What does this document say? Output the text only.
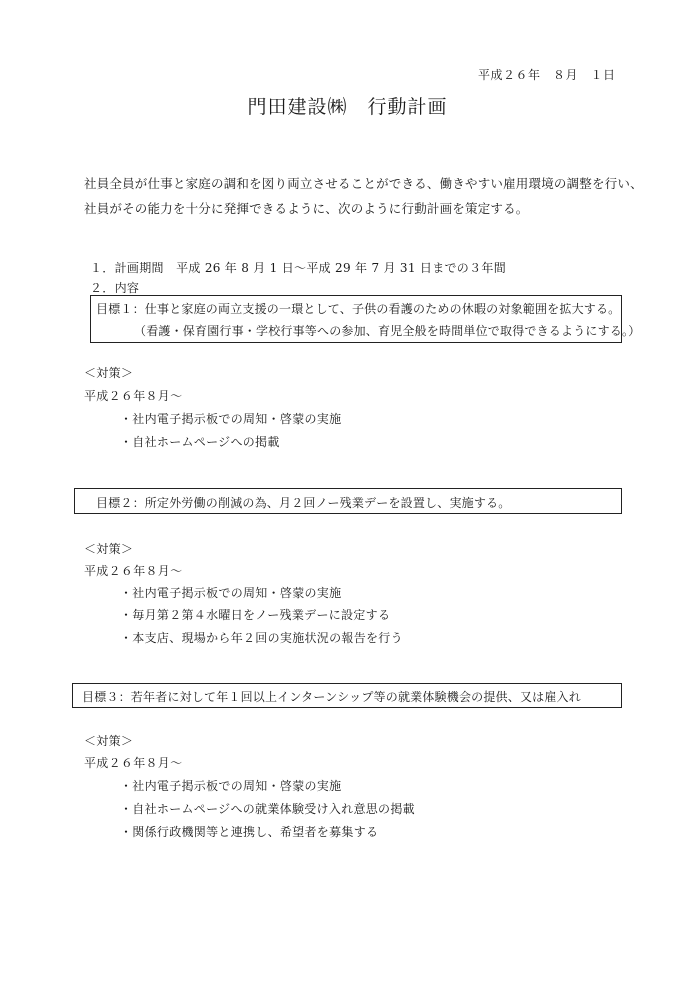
平成２６年　８月　１日
門田建設㈱　行動計画
社員全員が仕事と家庭の調和を図り両立させることができる、働きやすい雇用環境の調整を行い、
社員がその能力を十分に発揮できるように、次のように行動計画を策定する。
１．計画期間　平成 26 年 8 月 1 日～平成 29 年 7 月 31 日までの３年間
２．内容
目標１：仕事と家庭の両立支援の一環として、子供の看護のための休暇の対象範囲を拡大する。
（看護・保育園行事・学校行事等への参加、育児全般を時間単位で取得できるようにする。）
＜対策＞
平成２６年８月～
・社内電子掲示板での周知・啓蒙の実施
・自社ホームページへの掲載
目標２：所定外労働の削減の為、月２回ノー残業デーを設置し、実施する。
＜対策＞
平成２６年８月～
・社内電子掲示板での周知・啓蒙の実施
・毎月第２第４水曜日をノー残業デーに設定する
・本支店、現場から年２回の実施状況の報告を行う
目標３：若年者に対して年１回以上インターンシップ等の就業体験機会の提供、又は雇入れ
＜対策＞
平成２６年８月～
・社内電子掲示板での周知・啓蒙の実施
・自社ホームページへの就業体験受け入れ意思の掲載
・関係行政機関等と連携し、希望者を募集する
